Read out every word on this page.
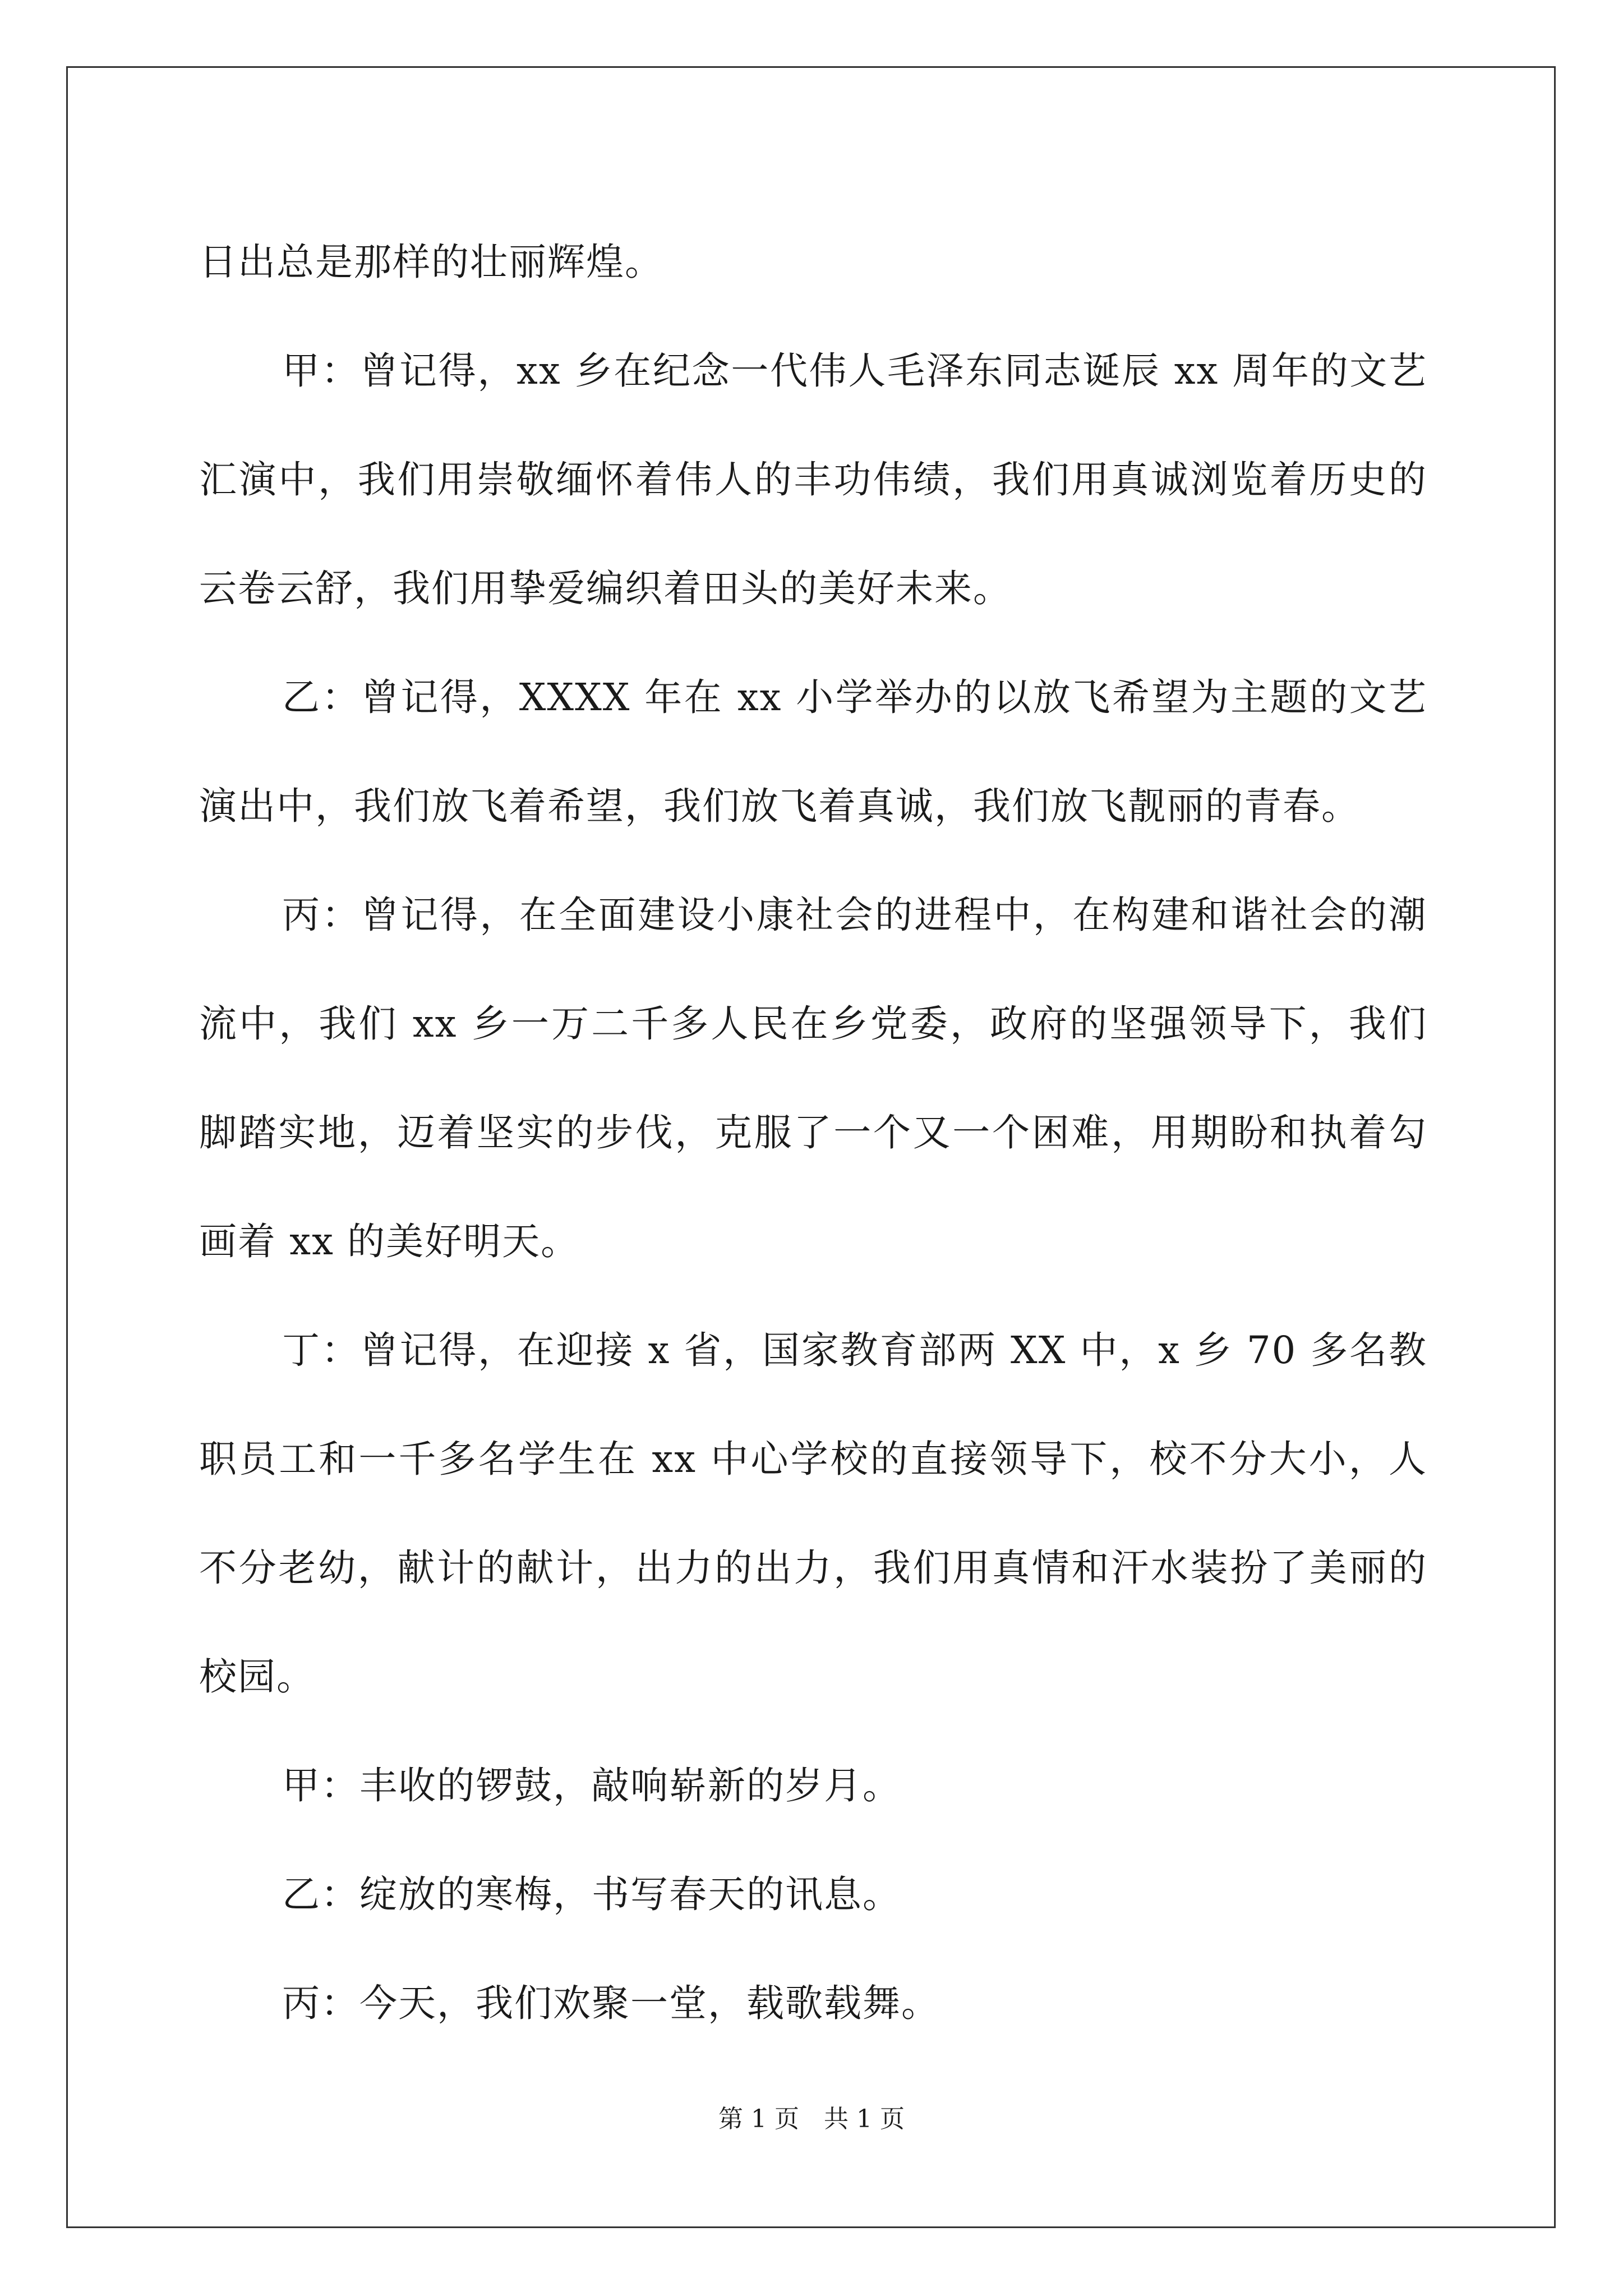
日出总是那样的壮丽辉煌。

甲：曾记得，xx 乡在纪念一代伟人毛泽东同志诞辰 xx 周年的文艺汇演中，我们用崇敬缅怀着伟人的丰功伟绩，我们用真诚浏览着历史的云卷云舒，我们用挚爱编织着田头的美好未来。

乙：曾记得，XXXX 年在 xx 小学举办的以放飞希望为主题的文艺演出中，我们放飞着希望，我们放飞着真诚，我们放飞靓丽的青春。

丙：曾记得，在全面建设小康社会的进程中，在构建和谐社会的潮流中，我们 xx 乡一万二千多人民在乡党委，政府的坚强领导下，我们脚踏实地，迈着坚实的步伐，克服了一个又一个困难，用期盼和执着勾画着 xx 的美好明天。

丁：曾记得，在迎接 x 省，国家教育部两 XX 中，x 乡 70 多名教职员工和一千多名学生在 xx 中心学校的直接领导下，校不分大小，人不分老幼，献计的献计，出力的出力，我们用真情和汗水装扮了美丽的校园。

甲：丰收的锣鼓，敲响崭新的岁月。

乙：绽放的寒梅，书写春天的讯息。

丙：今天，我们欢聚一堂，载歌载舞。

第 1 页 共 1 页
